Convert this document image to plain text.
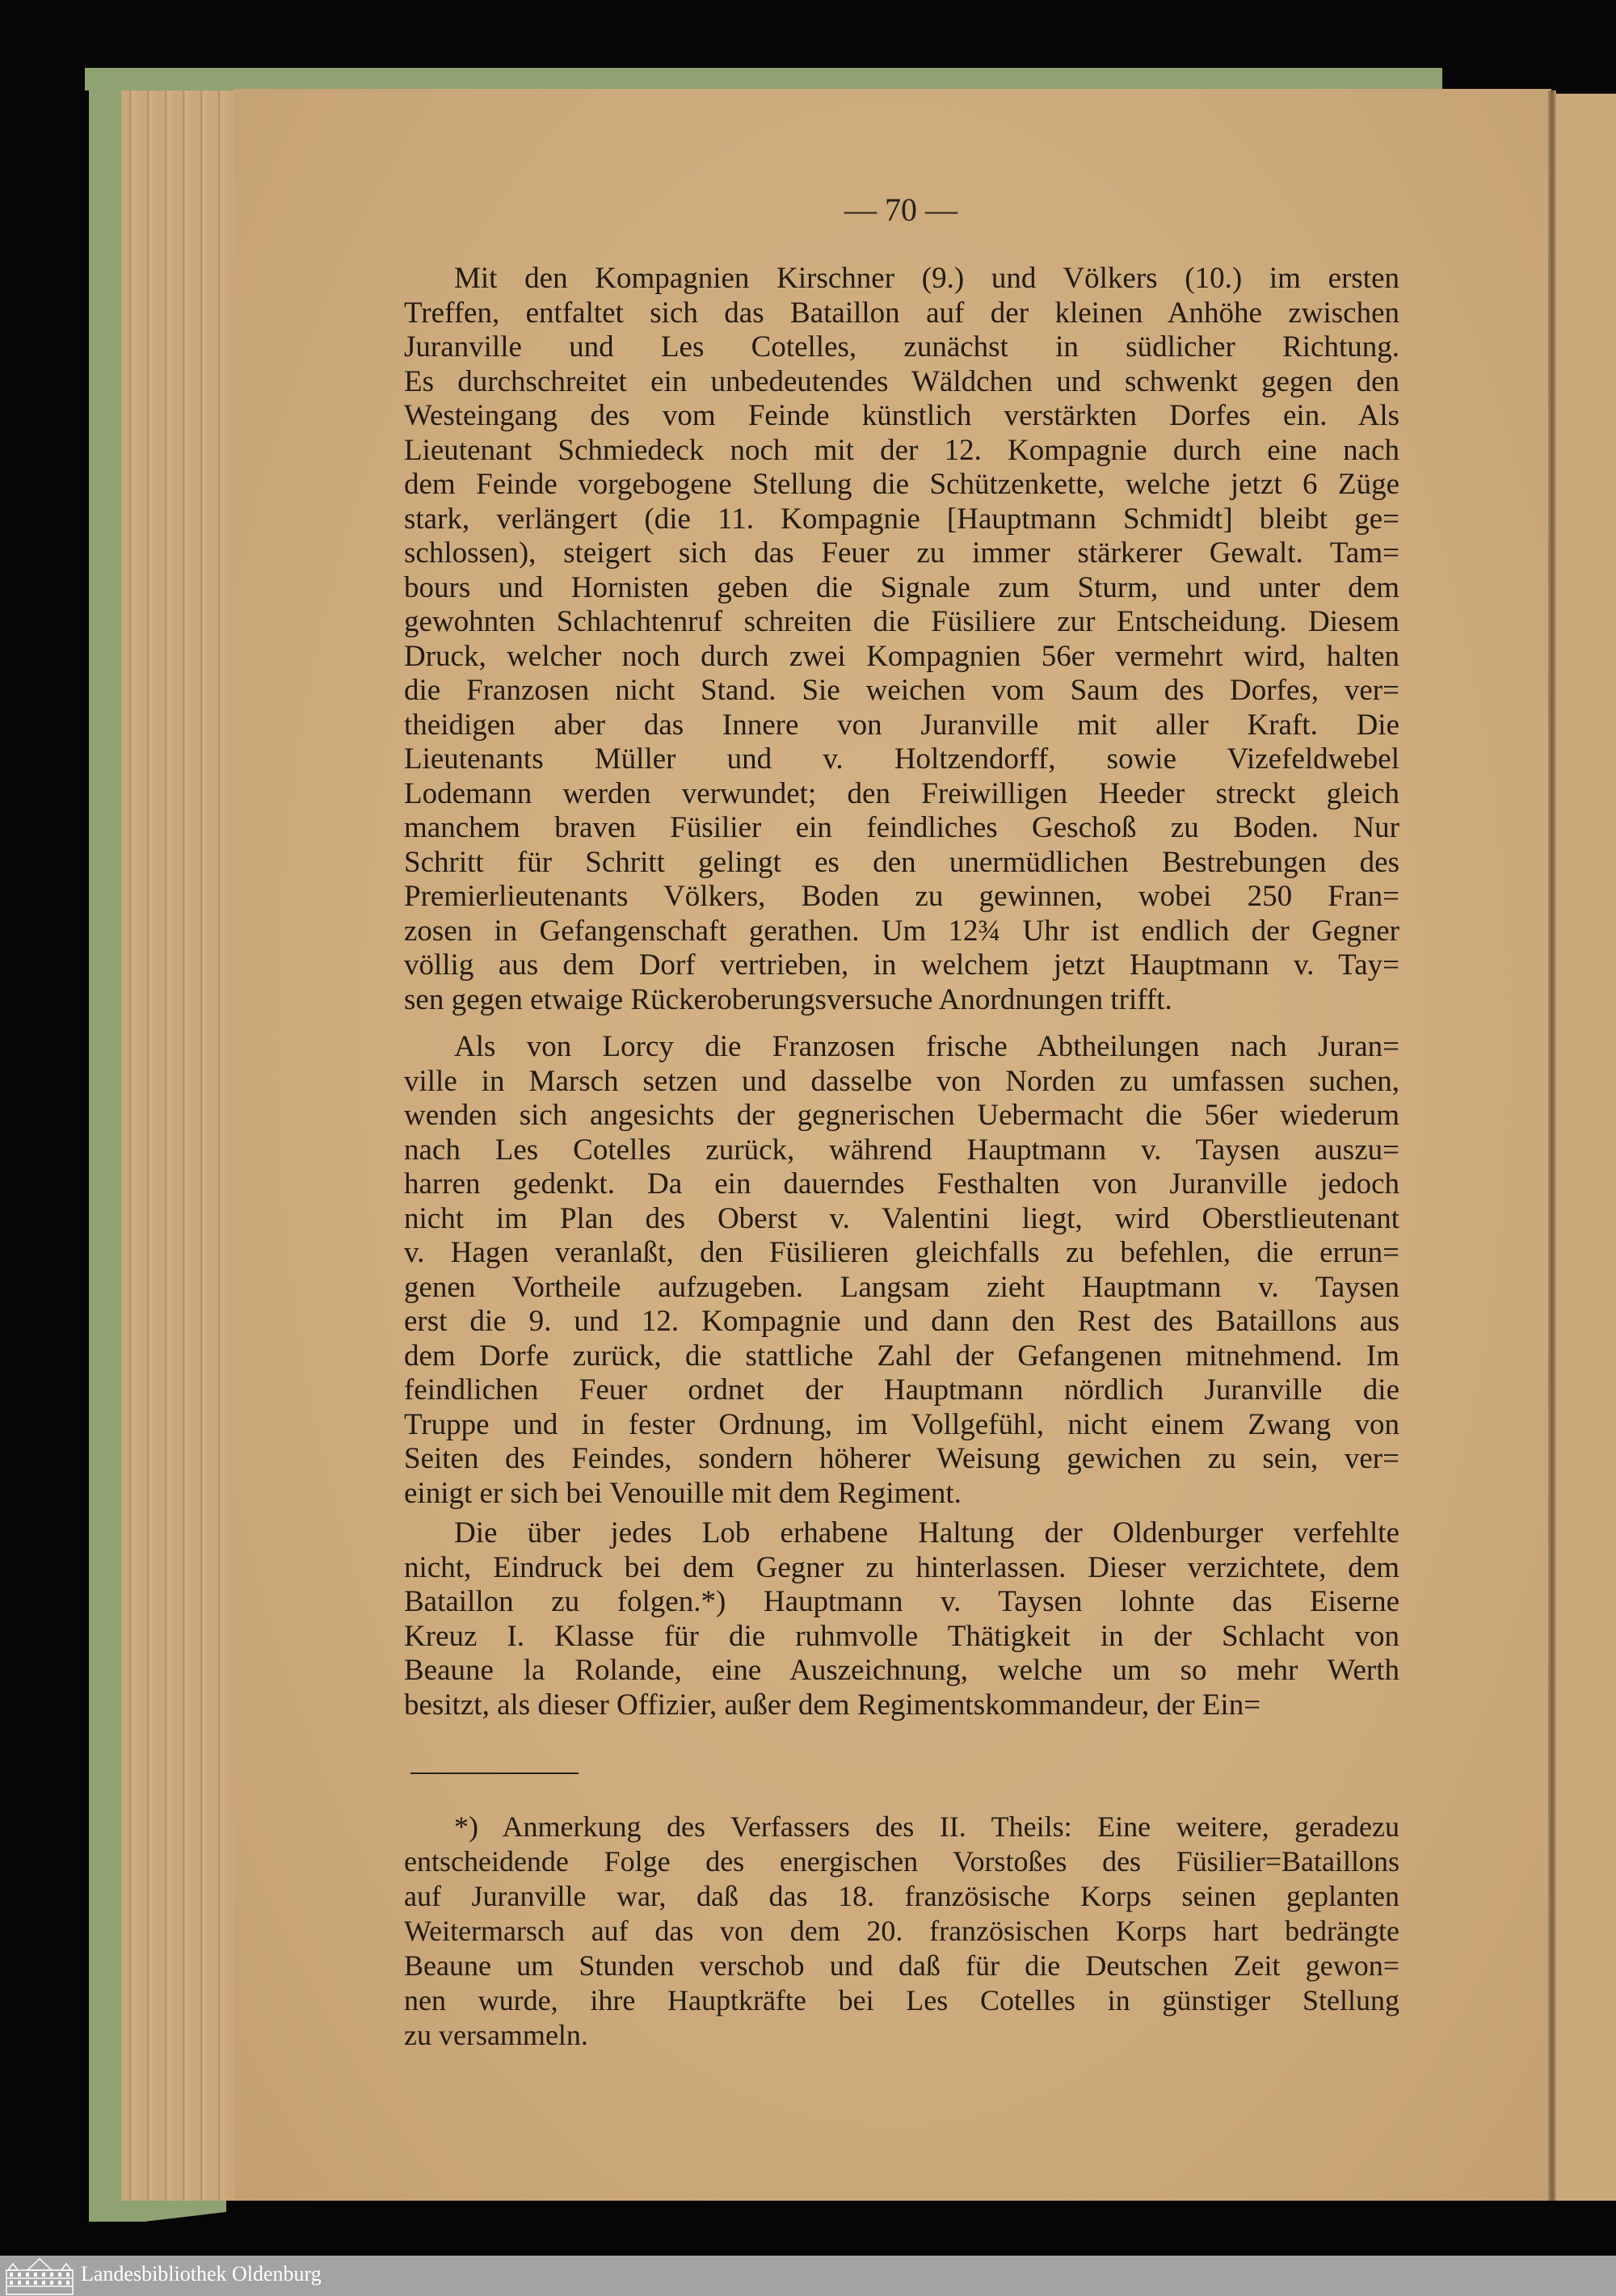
— 70 —
Mit den Kompagnien Kirschner (9.) und Völkers (10.) im ersten
Treffen, entfaltet sich das Bataillon auf der kleinen Anhöhe zwischen
Juranville und Les Cotelles, zunächst in südlicher Richtung.
Es durchschreitet ein unbedeutendes Wäldchen und schwenkt gegen den
Westeingang des vom Feinde künstlich verstärkten Dorfes ein. Als
Lieutenant Schmiedeck noch mit der 12. Kompagnie durch eine nach
dem Feinde vorgebogene Stellung die Schützenkette, welche jetzt 6 Züge
stark, verlängert (die 11. Kompagnie [Hauptmann Schmidt] bleibt ge=
schlossen), steigert sich das Feuer zu immer stärkerer Gewalt. Tam=
bours und Hornisten geben die Signale zum Sturm, und unter dem
gewohnten Schlachtenruf schreiten die Füsiliere zur Entscheidung. Diesem
Druck, welcher noch durch zwei Kompagnien 56er vermehrt wird, halten
die Franzosen nicht Stand. Sie weichen vom Saum des Dorfes, ver=
theidigen aber das Innere von Juranville mit aller Kraft. Die
Lieutenants Müller und v. Holtzendorff, sowie Vizefeldwebel
Lodemann werden verwundet; den Freiwilligen Heeder streckt gleich
manchem braven Füsilier ein feindliches Geschoß zu Boden. Nur
Schritt für Schritt gelingt es den unermüdlichen Bestrebungen des
Premierlieutenants Völkers, Boden zu gewinnen, wobei 250 Fran=
zosen in Gefangenschaft gerathen. Um 12¾ Uhr ist endlich der Gegner
völlig aus dem Dorf vertrieben, in welchem jetzt Hauptmann v. Tay=
sen gegen etwaige Rückeroberungsversuche Anordnungen trifft.
Als von Lorcy die Franzosen frische Abtheilungen nach Juran=
ville in Marsch setzen und dasselbe von Norden zu umfassen suchen,
wenden sich angesichts der gegnerischen Uebermacht die 56er wiederum
nach Les Cotelles zurück, während Hauptmann v. Taysen auszu=
harren gedenkt. Da ein dauerndes Festhalten von Juranville jedoch
nicht im Plan des Oberst v. Valentini liegt, wird Oberstlieutenant
v. Hagen veranlaßt, den Füsilieren gleichfalls zu befehlen, die errun=
genen Vortheile aufzugeben. Langsam zieht Hauptmann v. Taysen
erst die 9. und 12. Kompagnie und dann den Rest des Bataillons aus
dem Dorfe zurück, die stattliche Zahl der Gefangenen mitnehmend. Im
feindlichen Feuer ordnet der Hauptmann nördlich Juranville die
Truppe und in fester Ordnung, im Vollgefühl, nicht einem Zwang von
Seiten des Feindes, sondern höherer Weisung gewichen zu sein, ver=
einigt er sich bei Venouille mit dem Regiment.
Die über jedes Lob erhabene Haltung der Oldenburger verfehlte
nicht, Eindruck bei dem Gegner zu hinterlassen. Dieser verzichtete, dem
Bataillon zu folgen.*) Hauptmann v. Taysen lohnte das Eiserne
Kreuz I. Klasse für die ruhmvolle Thätigkeit in der Schlacht von
Beaune la Rolande, eine Auszeichnung, welche um so mehr Werth
besitzt, als dieser Offizier, außer dem Regimentskommandeur, der Ein=
*) Anmerkung des Verfassers des II. Theils: Eine weitere, geradezu
entscheidende Folge des energischen Vorstoßes des Füsilier=Bataillons
auf Juranville war, daß das 18. französische Korps seinen geplanten
Weitermarsch auf das von dem 20. französischen Korps hart bedrängte
Beaune um Stunden verschob und daß für die Deutschen Zeit gewon=
nen wurde, ihre Hauptkräfte bei Les Cotelles in günstiger Stellung
zu versammeln.
Landesbibliothek Oldenburg
